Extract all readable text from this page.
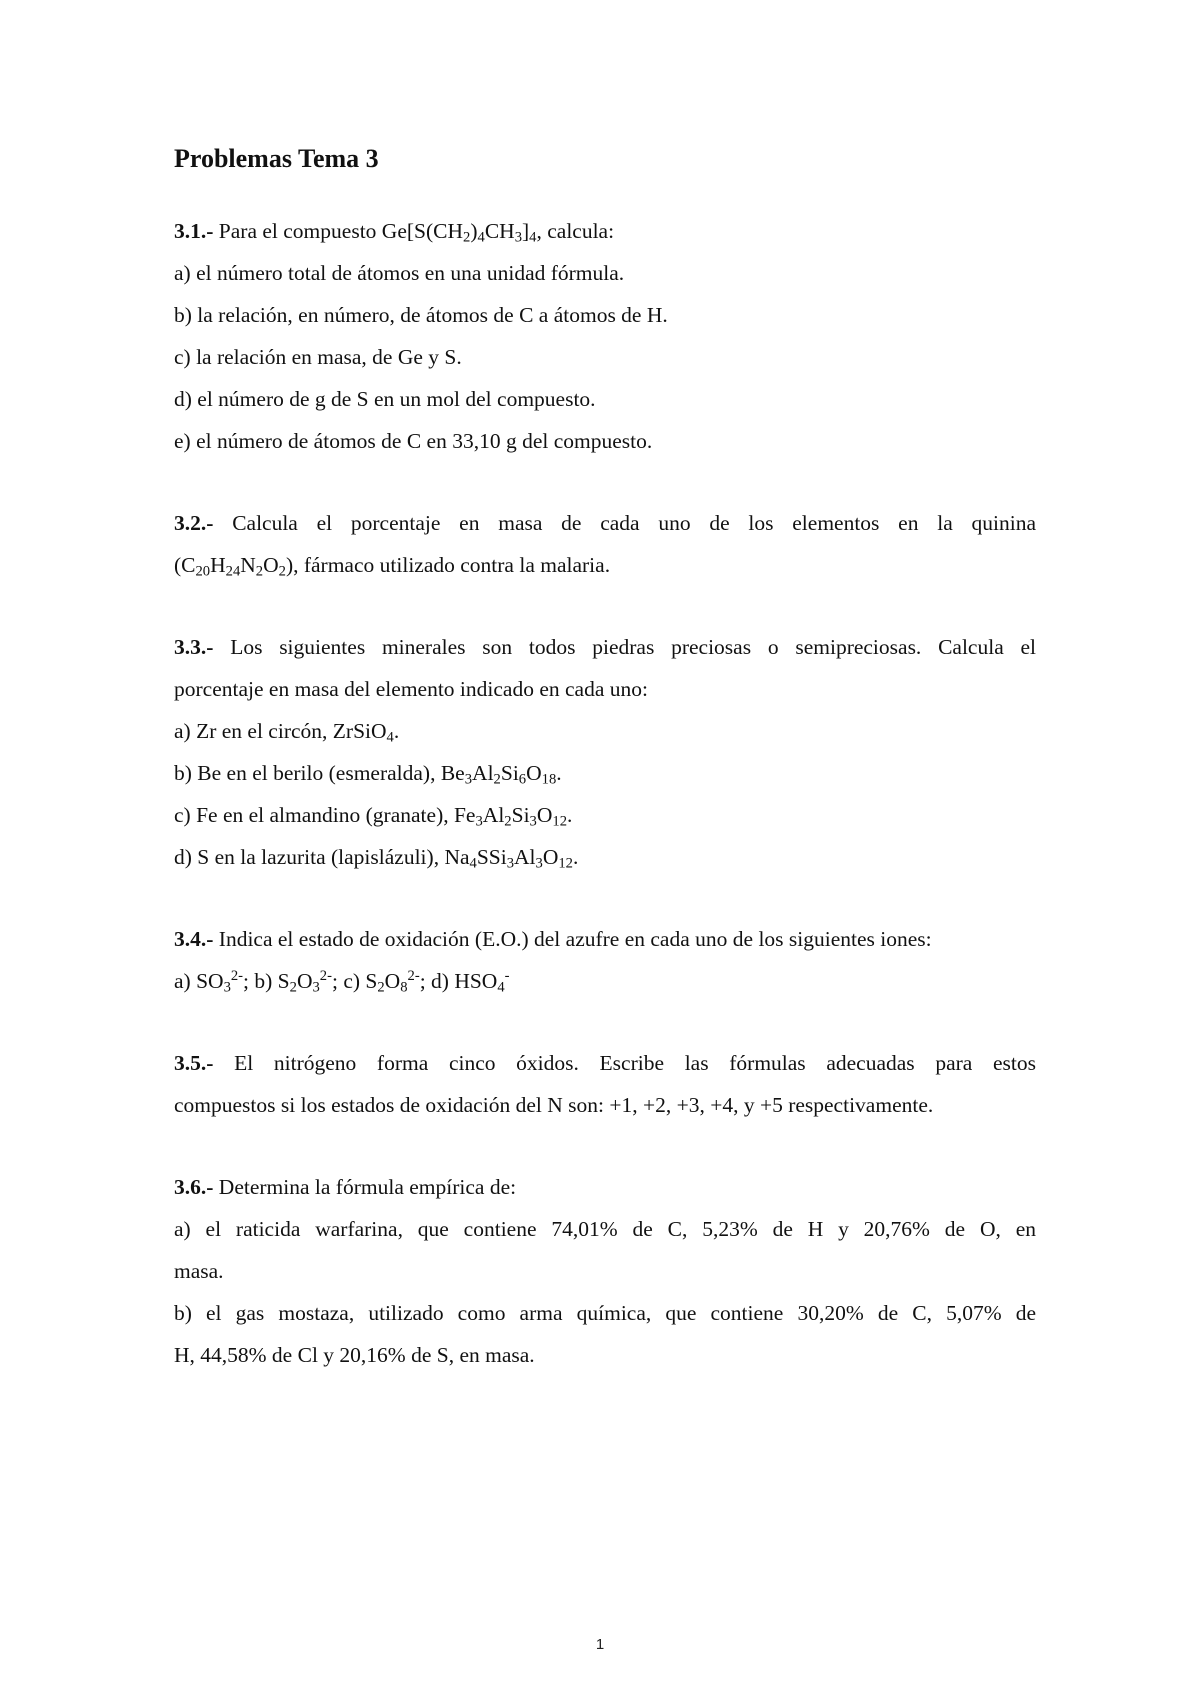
Problemas Tema 3
3.1.- Para el compuesto $Ge[S(CH_2)_4CH_3]_4$, calcula:
a) el número total de átomos en una unidad fórmula.
b) la relación, en número, de átomos de C a átomos de H.
c) la relación en masa, de Ge y S.
d) el número de g de S en un mol del compuesto.
e) el número de átomos de C en 33,10 g del compuesto.
3.2.- Calcula el porcentaje en masa de cada uno de los elementos en la quinina
$(C_{20}H_{24}N_2O_2)$, fármaco utilizado contra la malaria.
3.3.- Los siguientes minerales son todos piedras preciosas o semipreciosas. Calcula el
porcentaje en masa del elemento indicado en cada uno:
a) Zr en el circón, ZrSiO$_4$.
b) Be en el berilo (esmeralda), $Be_3Al_2Si_6O_{18}$.
c) Fe en el almandino (granate), $Fe_3Al_2Si_3O_{12}$.
d) S en la lazurita (lapislázuli), $Na_4SSi_3Al_3O_{12}$.
3.4.- Indica el estado de oxidación (E.O.) del azufre en cada uno de los siguientes iones:
a) $SO_3^{2-}$; b) $S_2O_3^{2-}$; c) $S_2O_8^{2-}$; d) $HSO_4^-$
3.5.- El nitrógeno forma cinco óxidos. Escribe las fórmulas adecuadas para estos
compuestos si los estados de oxidación del N son: +1, +2, +3, +4, y +5 respectivamente.
3.6.- Determina la fórmula empírica de:
a) el raticida warfarina, que contiene 74,01% de C, 5,23% de H y 20,76% de O, en
masa.
b) el gas mostaza, utilizado como arma química, que contiene 30,20% de C, 5,07% de
H, 44,58% de Cl y 20,16% de S, en masa.
1
